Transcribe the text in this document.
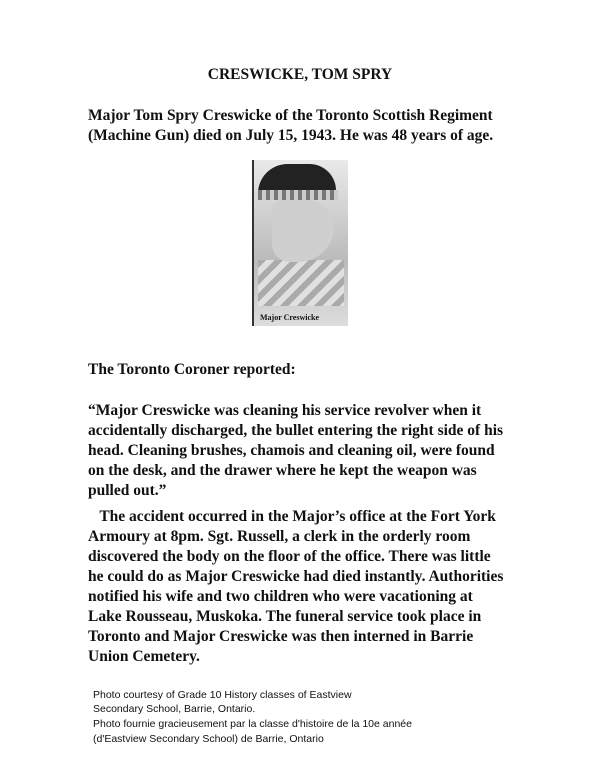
CRESWICKE, TOM SPRY
Major Tom Spry Creswicke of the Toronto Scottish Regiment
(Machine Gun) died on July 15, 1943. He was 48 years of age.
Major Creswicke
The Toronto Coroner reported:
“Major Creswicke was cleaning his service revolver when it
accidentally discharged, the bullet entering the right side of his
head. Cleaning brushes, chamois and cleaning oil, were found
on the desk, and the drawer where he kept the weapon was
pulled out.”
The accident occurred in the Major’s office at the Fort York
Armoury at 8pm. Sgt. Russell, a clerk in the orderly room
discovered the body on the floor of the office. There was little
he could do as Major Creswicke had died instantly. Authorities
notified his wife and two children who were vacationing at
Lake Rousseau, Muskoka. The funeral service took place in
Toronto and Major Creswicke was then interned in Barrie
Union Cemetery.
Photo courtesy of Grade 10 History classes of Eastview
Secondary School, Barrie, Ontario.
Photo fournie gracieusement par la classe d'histoire de la 10e année
(d'Eastview Secondary School) de Barrie, Ontario
